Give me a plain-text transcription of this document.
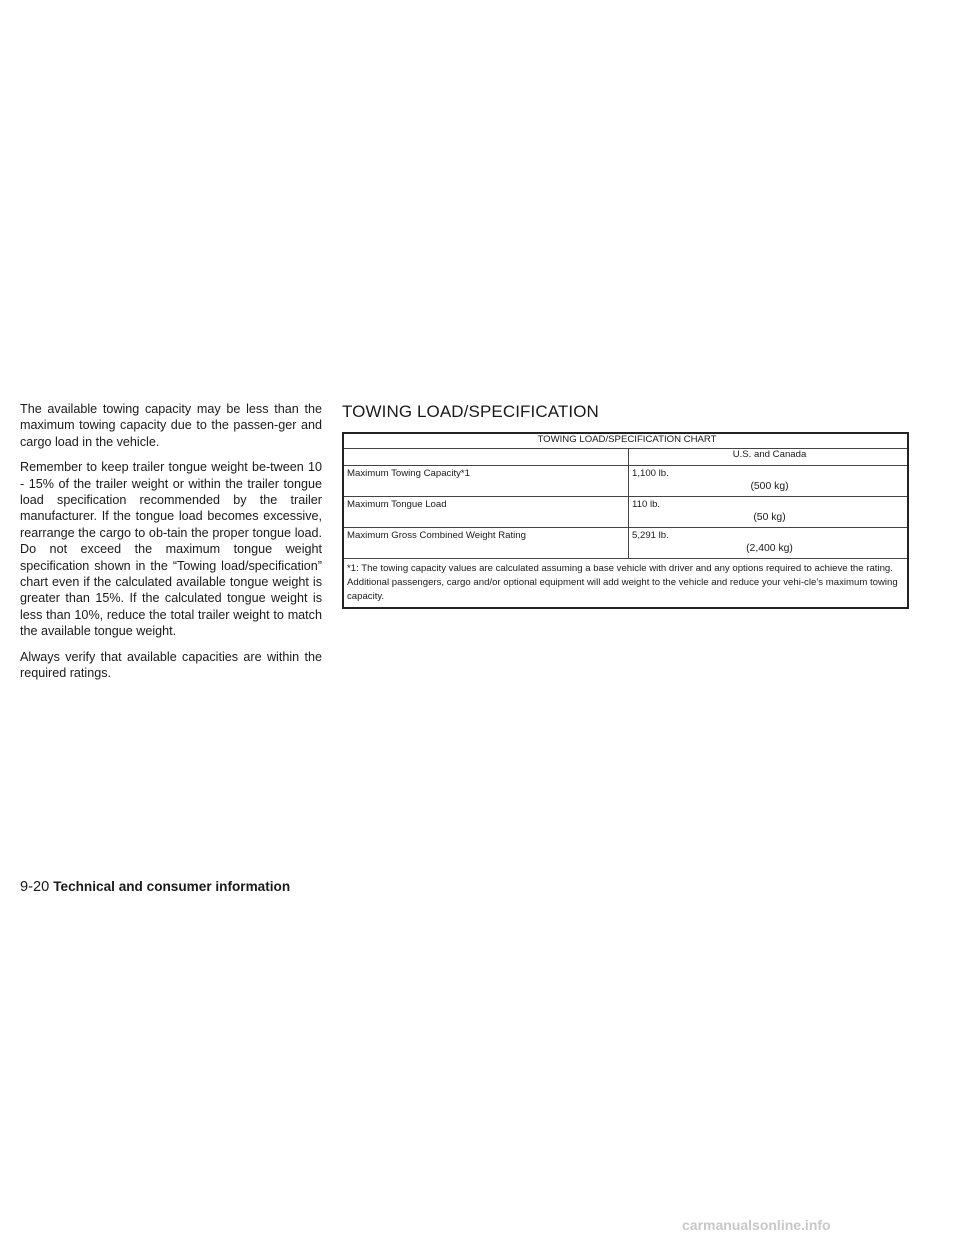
The available towing capacity may be less than the maximum towing capacity due to the passen-ger and cargo load in the vehicle.

Remember to keep trailer tongue weight be-tween 10 - 15% of the trailer weight or within the trailer tongue load specification recommended by the trailer manufacturer. If the tongue load becomes excessive, rearrange the cargo to ob-tain the proper tongue load. Do not exceed the maximum tongue weight specification shown in the “Towing load/specification” chart even if the calculated available tongue weight is greater than 15%. If the calculated tongue weight is less than 10%, reduce the total trailer weight to match the available tongue weight.

Always verify that available capacities are within the required ratings.

TOWING LOAD/SPECIFICATION
TOWING LOAD/SPECIFICATION CHART	
	U.S. and Canada
Maximum Towing Capacity*1	1,100 lb.
(500 kg)

Maximum Tongue Load	110 lb.
(50 kg)

Maximum Gross Combined Weight Rating	5,291 lb.
(2,400 kg)

*1: The towing capacity values are calculated assuming a base vehicle with driver and any options required to achieve the rating. Additional passengers, cargo and/or optional equipment will add weight to the vehicle and reduce your vehi-cle’s maximum towing capacity.	
9-20 Technical and consumer information
carmanualsonline.info
